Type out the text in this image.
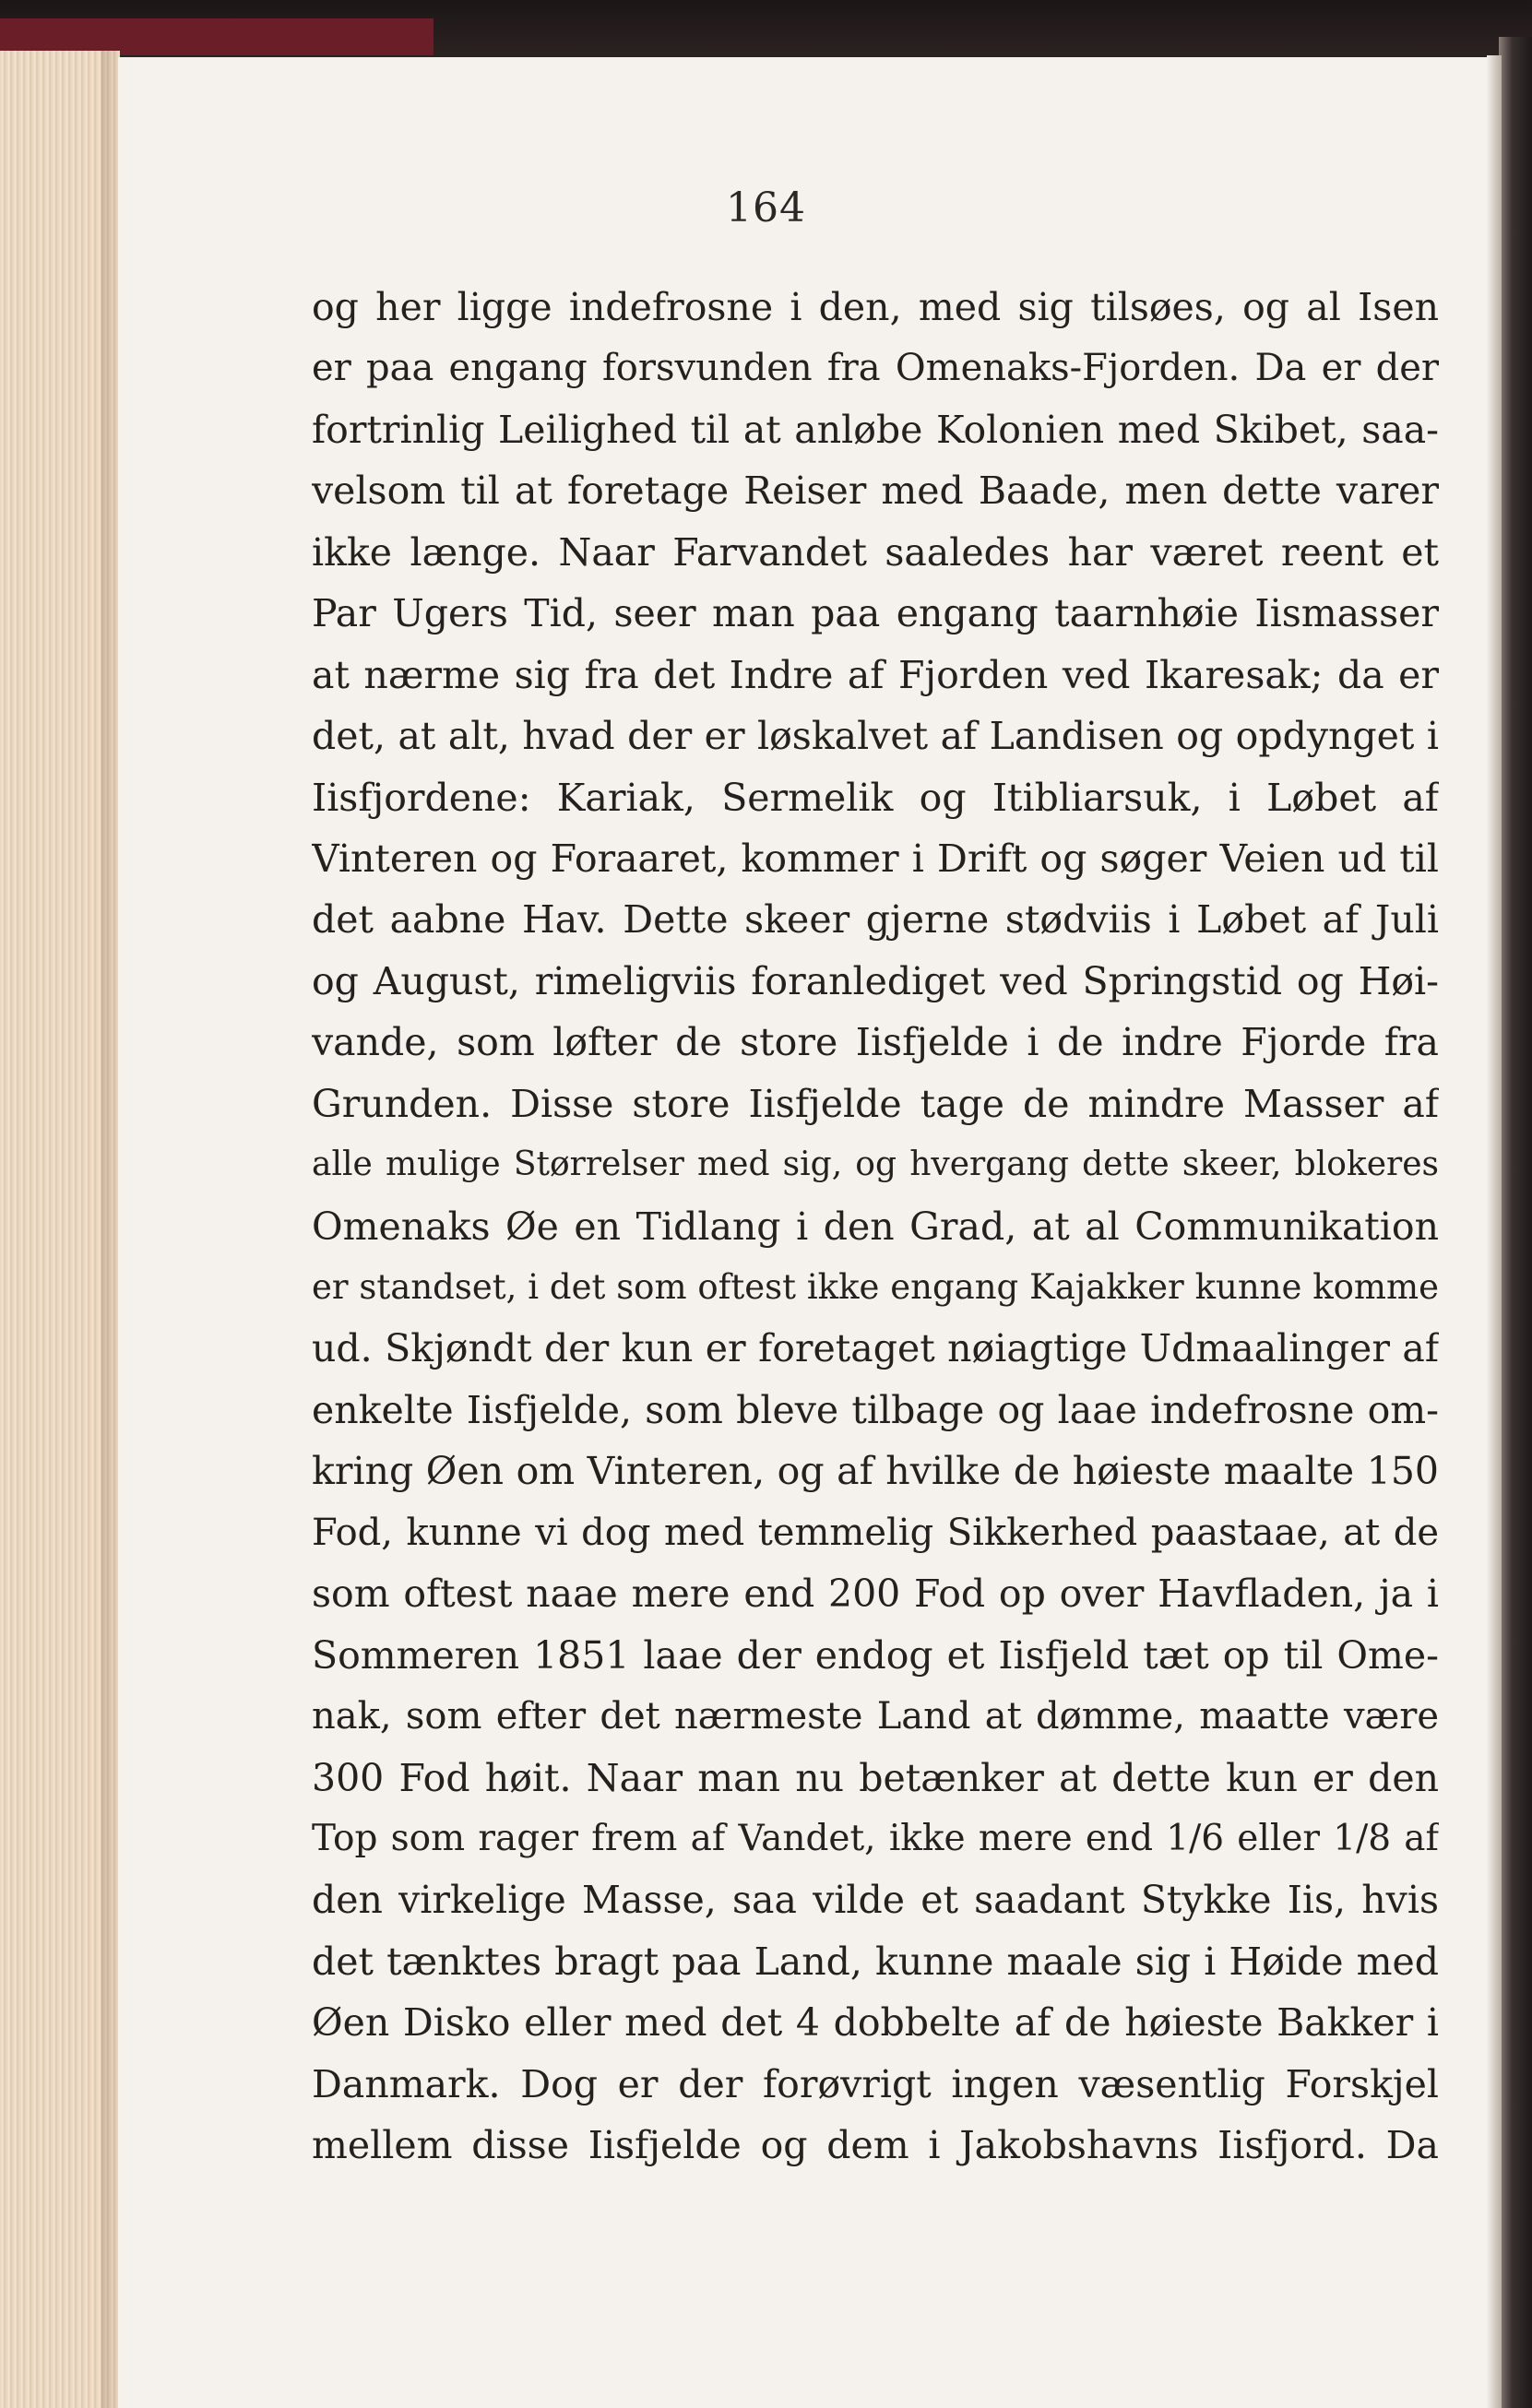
164
og her ligge indefrosne i den, med sig tilsøes, og al Isen
er paa engang forsvunden fra Omenaks-Fjorden. Da er der
fortrinlig Leilighed til at anløbe Kolonien med Skibet, saa-
velsom til at foretage Reiser med Baade, men dette varer
ikke længe. Naar Farvandet saaledes har været reent et
Par Ugers Tid, seer man paa engang taarnhøie Iismasser
at nærme sig fra det Indre af Fjorden ved Ikaresak; da er
det, at alt, hvad der er løskalvet af Landisen og opdynget i
Iisfjordene: Kariak, Sermelik og Itibliarsuk, i Løbet af
Vinteren og Foraaret, kommer i Drift og søger Veien ud til
det aabne Hav. Dette skeer gjerne stødviis i Løbet af Juli
og August, rimeligviis foranlediget ved Springstid og Høi-
vande, som løfter de store Iisfjelde i de indre Fjorde fra
Grunden. Disse store Iisfjelde tage de mindre Masser af
alle mulige Størrelser med sig, og hvergang dette skeer, blokeres
Omenaks Øe en Tidlang i den Grad, at al Communikation
er standset, i det som oftest ikke engang Kajakker kunne komme
ud. Skjøndt der kun er foretaget nøiagtige Udmaalinger af
enkelte Iisfjelde, som bleve tilbage og laae indefrosne om-
kring Øen om Vinteren, og af hvilke de høieste maalte 150
Fod, kunne vi dog med temmelig Sikkerhed paastaae, at de
som oftest naae mere end 200 Fod op over Havfladen, ja i
Sommeren 1851 laae der endog et Iisfjeld tæt op til Ome-
nak, som efter det nærmeste Land at dømme, maatte være
300 Fod høit. Naar man nu betænker at dette kun er den
Top som rager frem af Vandet, ikke mere end 1/6 eller 1/8 af
den virkelige Masse, saa vilde et saadant Stykke Iis, hvis
det tænktes bragt paa Land, kunne maale sig i Høide med
Øen Disko eller med det 4 dobbelte af de høieste Bakker i
Danmark. Dog er der forøvrigt ingen væsentlig Forskjel
mellem disse Iisfjelde og dem i Jakobshavns Iisfjord. Da
